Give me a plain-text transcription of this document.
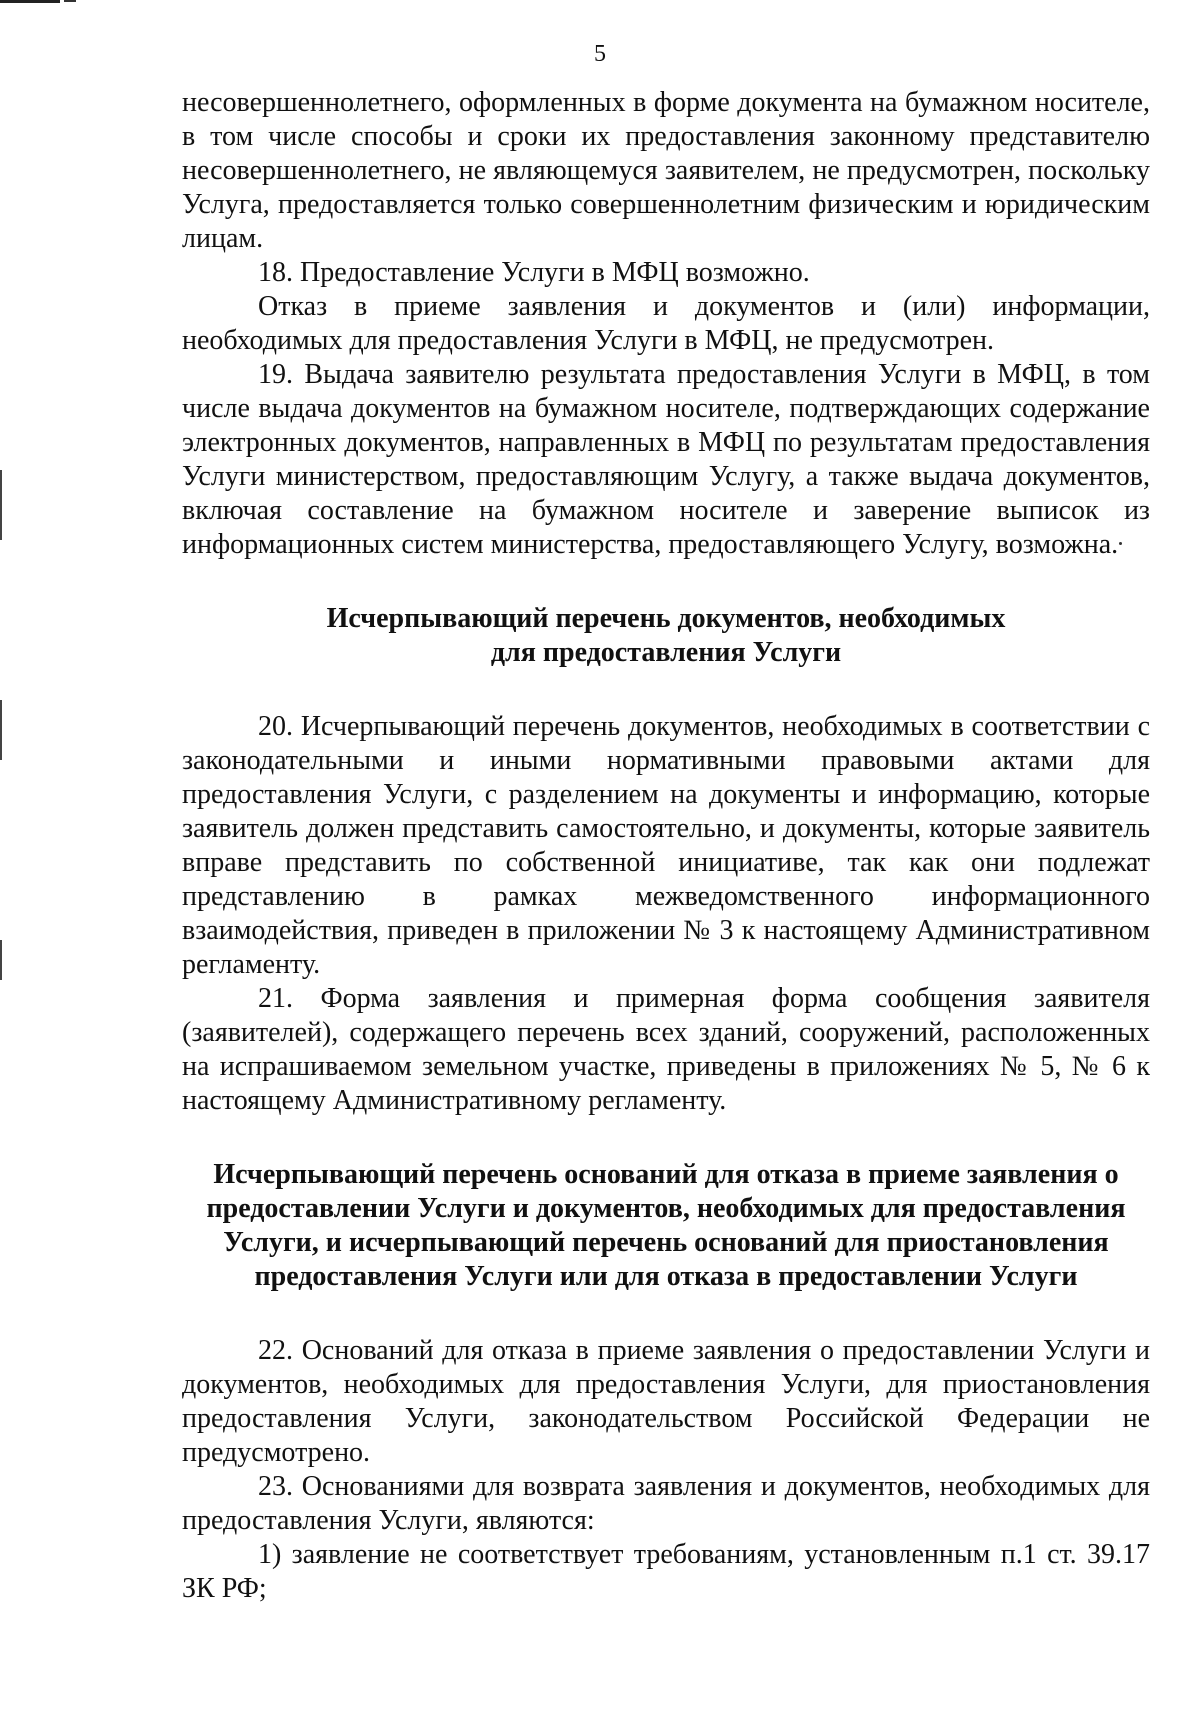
5

несовершеннолетнего, оформленных в форме документа на бумажном носителе, в том числе способы и сроки их предоставления законному представителю несовершеннолетнего, не являющемуся заявителем, не предусмотрен, поскольку Услуга, предоставляется только совершеннолетним физическим и юридическим лицам.

18. Предоставление Услуги в МФЦ возможно.

Отказ в приеме заявления и документов и (или) информации, необходимых для предоставления Услуги в МФЦ, не предусмотрен.

19. Выдача заявителю результата предоставления Услуги в МФЦ, в том числе выдача документов на бумажном носителе, подтверждающих содержание электронных документов, направленных в МФЦ по результатам предоставления Услуги министерством, предоставляющим Услугу, а также выдача документов, включая составление на бумажном носителе и заверение выписок из информационных систем министерства, предоставляющего Услугу, возможна.

Исчерпывающий перечень документов, необходимых

для предоставления Услуги

20. Исчерпывающий перечень документов, необходимых в соответствии с законодательными и иными нормативными правовыми актами для предоставления Услуги, с разделением на документы и информацию, которые заявитель должен представить самостоятельно, и документы, которые заявитель вправе представить по собственной инициативе, так как они подлежат представлению в рамках межведомственного информационного взаимодействия, приведен в приложении № 3 к настоящему Административном регламенту.

21. Форма заявления и примерная форма сообщения заявителя (заявителей), содержащего перечень всех зданий, сооружений, расположенных на испрашиваемом земельном участке, приведены в приложениях № 5, № 6 к настоящему Административному регламенту.

Исчерпывающий перечень оснований для отказа в приеме заявления о

предоставлении Услуги и документов, необходимых для предоставления

Услуги, и исчерпывающий перечень оснований для приостановления

предоставления Услуги или для отказа в предоставлении Услуги

22. Оснований для отказа в приеме заявления о предоставлении Услуги и документов, необходимых для предоставления Услуги, для приостановления предоставления Услуги, законодательством Российской Федерации не предусмотрено.

23. Основаниями для возврата заявления и документов, необходимых для предоставления Услуги, являются:

1) заявление не соответствует требованиям, установленным п.1 ст. 39.17 ЗК РФ;
